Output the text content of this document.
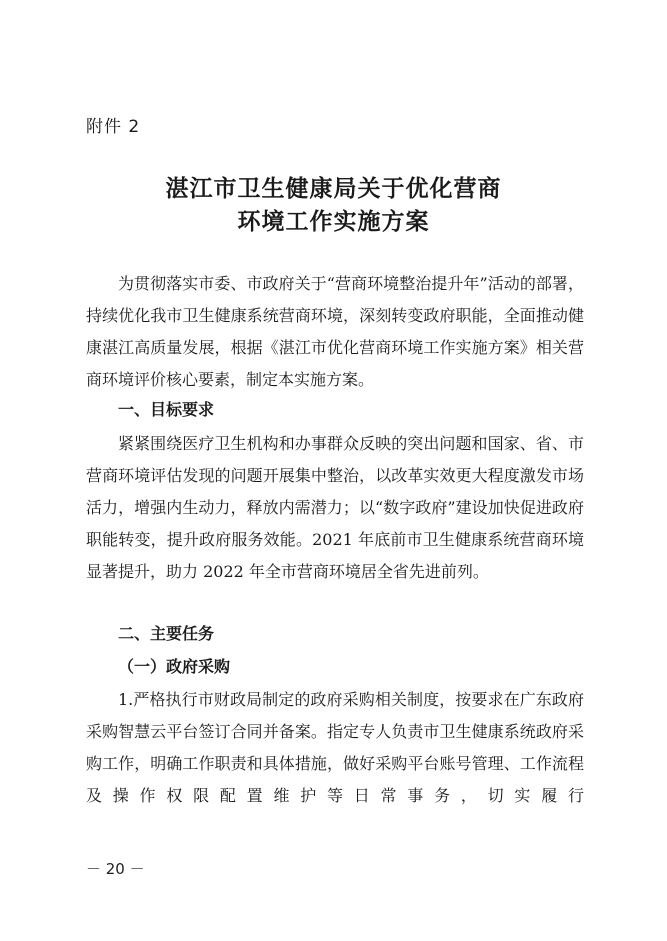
附件 2
湛江市卫生健康局关于优化营商
环境工作实施方案

为贯彻落实市委、市政府关于“营商环境整治提升年”活动的部署，持续优化我市卫生健康系统营商环境，深刻转变政府职能，全面推动健康湛江高质量发展，根据《湛江市优化营商环境工作实施方案》相关营商环境评价核心要素，制定本实施方案。

一、目标要求

紧紧围绕医疗卫生机构和办事群众反映的突出问题和国家、省、市营商环境评估发现的问题开展集中整治，以改革实效更大程度激发市场活力，增强内生动力，释放内需潜力；以“数字政府”建设加快促进政府职能转变，提升政府服务效能。2021 年底前市卫生健康系统营商环境显著提升，助力 2022 年全市营商环境居全省先进前列。

二、主要任务
（一）政府采购

1.严格执行市财政局制定的政府采购相关制度，按要求在广东政府采购智慧云平台签订合同并备案。指定专人负责市卫生健康系统政府采购工作，明确工作职责和具体措施，做好采购平台账号管理、工作流程及操作权限配置维护等日常事务，切实履行

－ 20 －
